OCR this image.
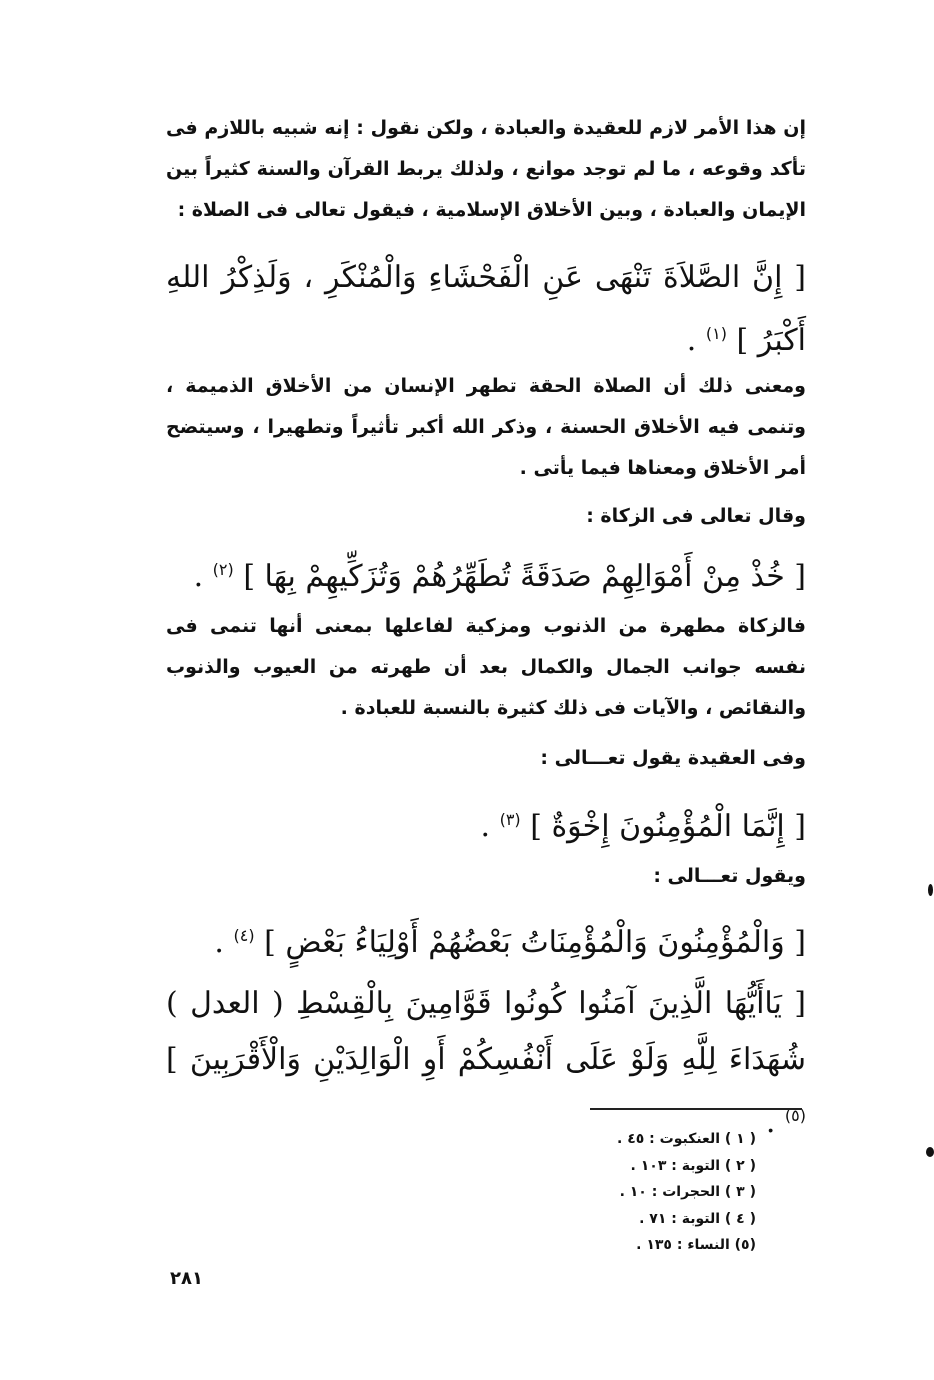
إن هذا الأمر لازم للعقيدة والعبادة ، ولكن نقول : إنه شبيه باللازم فى تأكد وقوعه ، ما لم توجد موانع ، ولذلك يربط القرآن والسنة كثيراً بين الإيمان والعبادة ، وبين الأخلاق الإسلامية ، فيقول تعالى فى الصلاة :

[ إِنَّ الصَّلاَةَ تَنْهَى عَنِ الْفَحْشَاءِ وَالْمُنْكَرِ ، وَلَذِكْرُ اللهِ أَكْبَرُ ] $^{(١)}$ .

ومعنى ذلك أن الصلاة الحقة تطهر الإنسان من الأخلاق الذميمة ، وتنمى فيه الأخلاق الحسنة ، وذكر الله أكبر تأثيراً وتطهيرا ، وسيتضح أمر الأخلاق ومعناها فيما يأتى .

وقال تعالى فى الزكاة :

[ خُذْ مِنْ أَمْوَالِهِمْ صَدَقَةً تُطَهِّرُهُمْ وَتُزَكِّيهِمْ بِهَا ] $^{(٢)}$ .

فالزكاة مطهرة من الذنوب ومزكية لفاعلها بمعنى أنها تنمى فى نفسه جوانب الجمال والكمال بعد أن طهرته من العيوب والذنوب والنقائص ، والآيات فى ذلك كثيرة بالنسبة للعبادة .

وفى العقيدة يقول تعـــالى :

[ إِنَّمَا الْمُؤْمِنُونَ إِخْوَةٌ ] $^{(٣)}$ .

ويقول تعـــالى :

[ وَالْمُؤْمِنُونَ وَالْمُؤْمِنَاتُ بَعْضُهُمْ أَوْلِيَاءُ بَعْضٍ ] $^{(٤)}$ .

[ يَاأَيُّهَا الَّذِينَ آمَنُوا كُونُوا قَوَّامِينَ بِالْقِسْطِ ( العدل ) شُهَدَاءَ لِلَّهِ وَلَوْ عَلَى أَنْفُسِكُمْ أَوِ الْوَالِدَيْنِ وَالْأَقْرَبِينَ ] $^{(٥)}$ .

( ١ ) العنكبوت : ٤٥ .
( ٢ ) التوبة : ١٠٣ .
( ٣ ) الحجرات : ١٠ .
( ٤ ) التوبة : ٧١ .
(٥) النساء : ١٣٥ .
٢٨١
